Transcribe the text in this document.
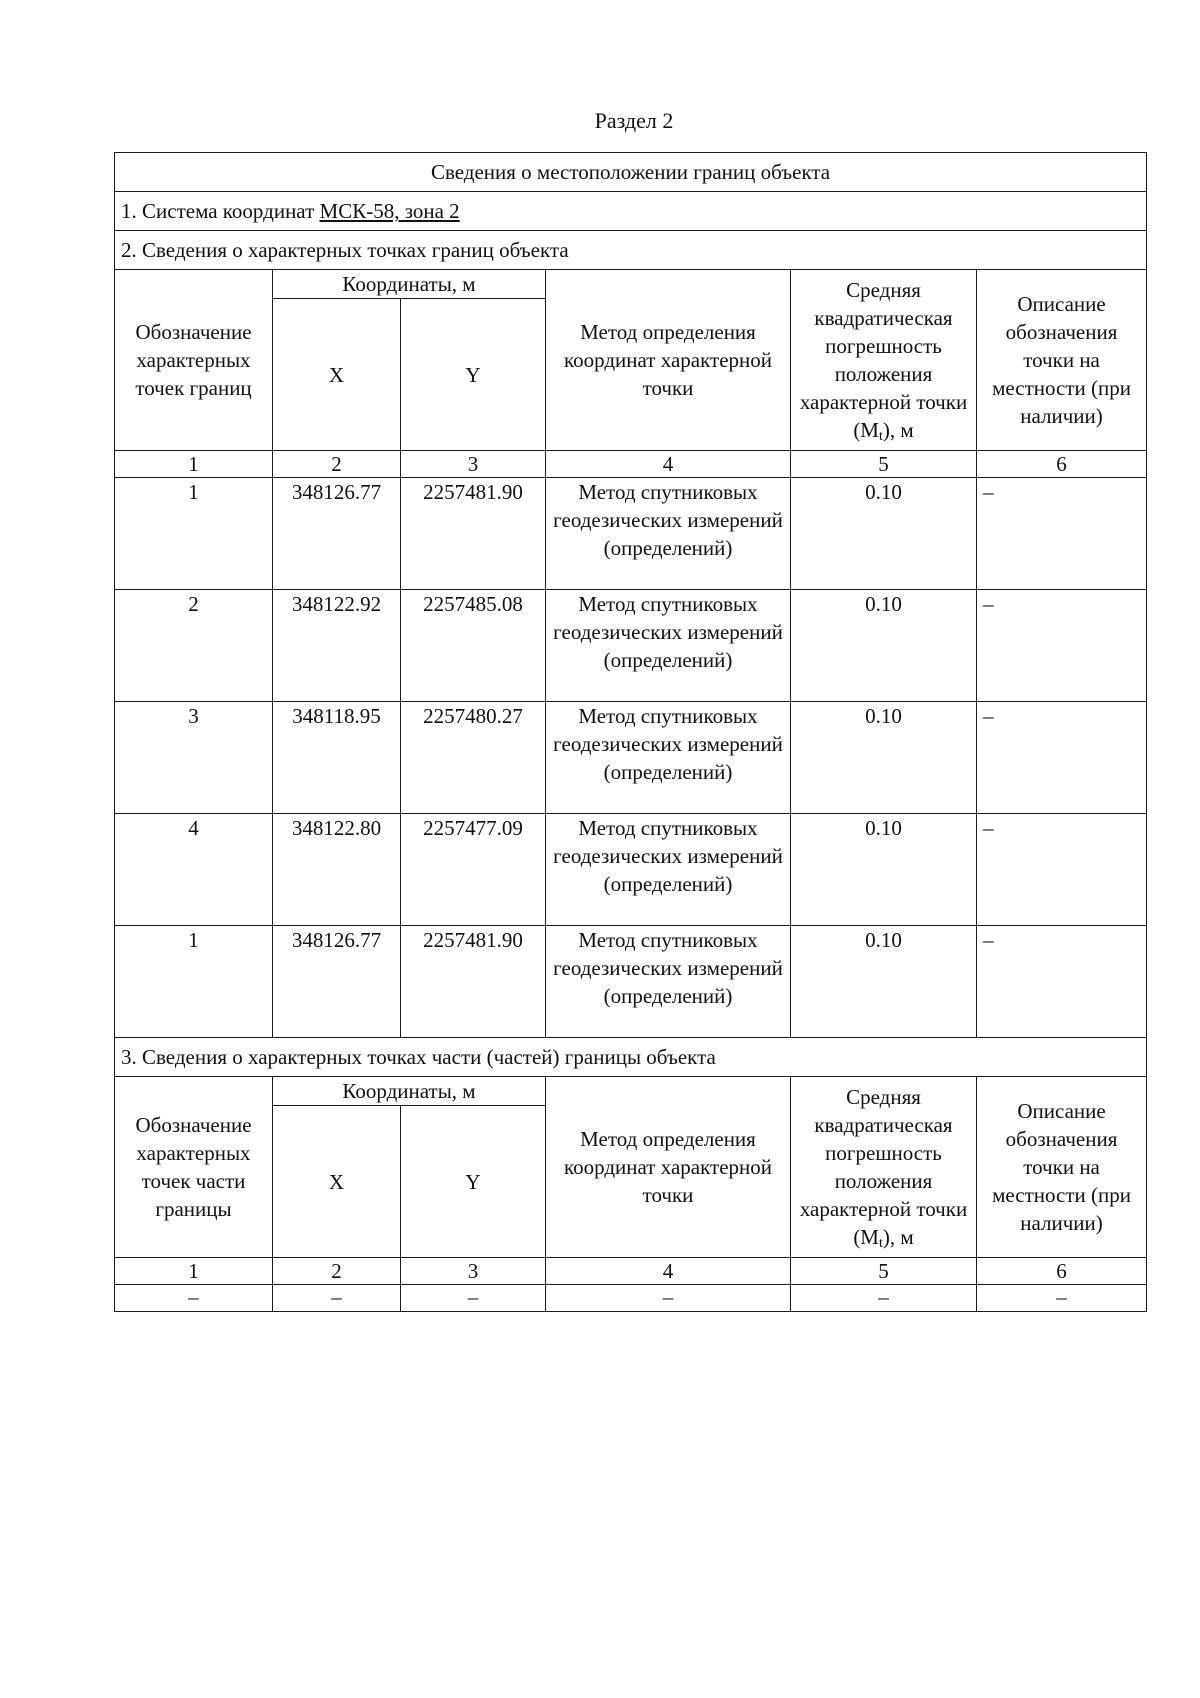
Раздел 2
Сведения о местоположении границ объекта					
1. Система координат МСК-58, зона 2					
2. Сведения о характерных точках границ объекта					
Обозначение характерных точек границ	Координаты, м		Метод определения координат характерной точки	Средняя квадратическая погрешность положения характерной точки $(M_t)$, м	Описание обозначения точки на местности (при наличии)
	X	Y			
1	2	3	4	5	6
1	348126.77	2257481.90	Метод спутниковых геодезических измерений (определений)	0.10	–
2	348122.92	2257485.08	Метод спутниковых геодезических измерений (определений)	0.10	–
3	348118.95	2257480.27	Метод спутниковых геодезических измерений (определений)	0.10	–
4	348122.80	2257477.09	Метод спутниковых геодезических измерений (определений)	0.10	–
1	348126.77	2257481.90	Метод спутниковых геодезических измерений (определений)	0.10	–
3. Сведения о характерных точках части (частей) границы объекта					
Обозначение характерных точек части границы	Координаты, м		Метод определения координат характерной точки	Средняя квадратическая погрешность положения характерной точки $(M_t)$, м	Описание обозначения точки на местности (при наличии)
	X	Y			
1	2	3	4	5	6
–	–	–	–	–	–
